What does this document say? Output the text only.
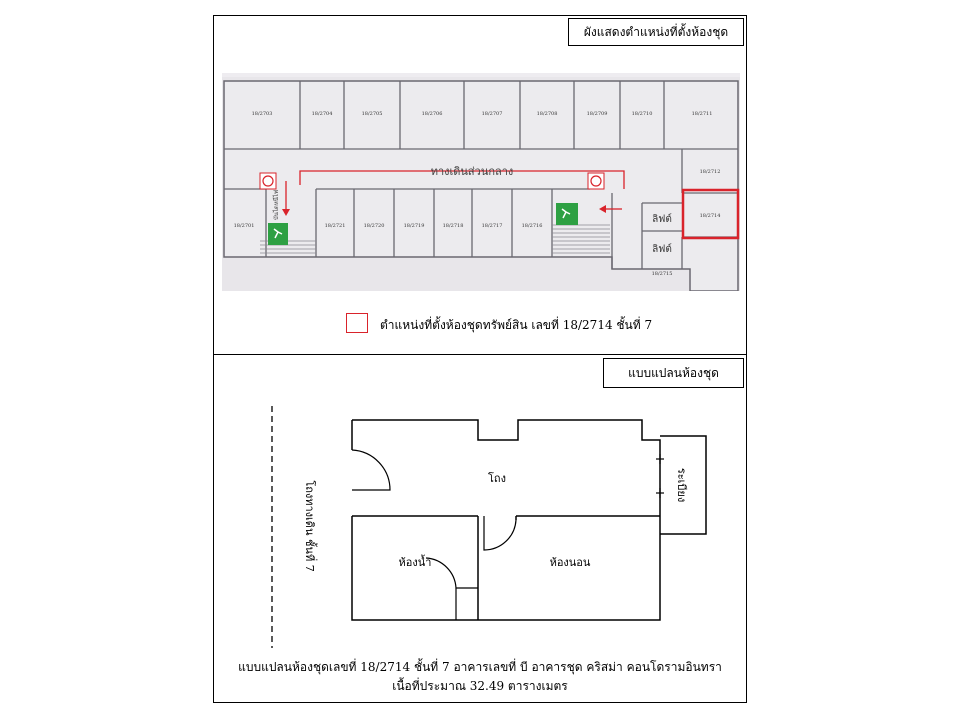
ผังแสดงตำแหน่งที่ตั้งห้องชุด
ทางเดินส่วนกลาง
บันไดหนีไฟ	ลิฟต์
ลิฟต์
18/2703	18/2704	18/2705	18/2706	18/2707	18/2708	18/2709	18/2710	18/2711
18/2701	18/2721	18/2720	18/2719	18/2718	18/2717	18/2716
18/2712
18/2714
18/2715
ตำแหน่งที่ตั้งห้องชุดทรัพย์สิน เลขที่ 18/2714 ชั้นที่ 7
แบบแปลนห้องชุด
โถงทางเดิน ชั้นที่ 7
โถง
ห้องน้ำ	ห้องนอน
ระเบียง
แบบแปลนห้องชุดเลขที่ 18/2714 ชั้นที่ 7 อาคารเลขที่ บี อาคารชุด คริสม่า คอนโดรามอินทรา
เนื้อที่ประมาณ 32.49 ตารางเมตร
